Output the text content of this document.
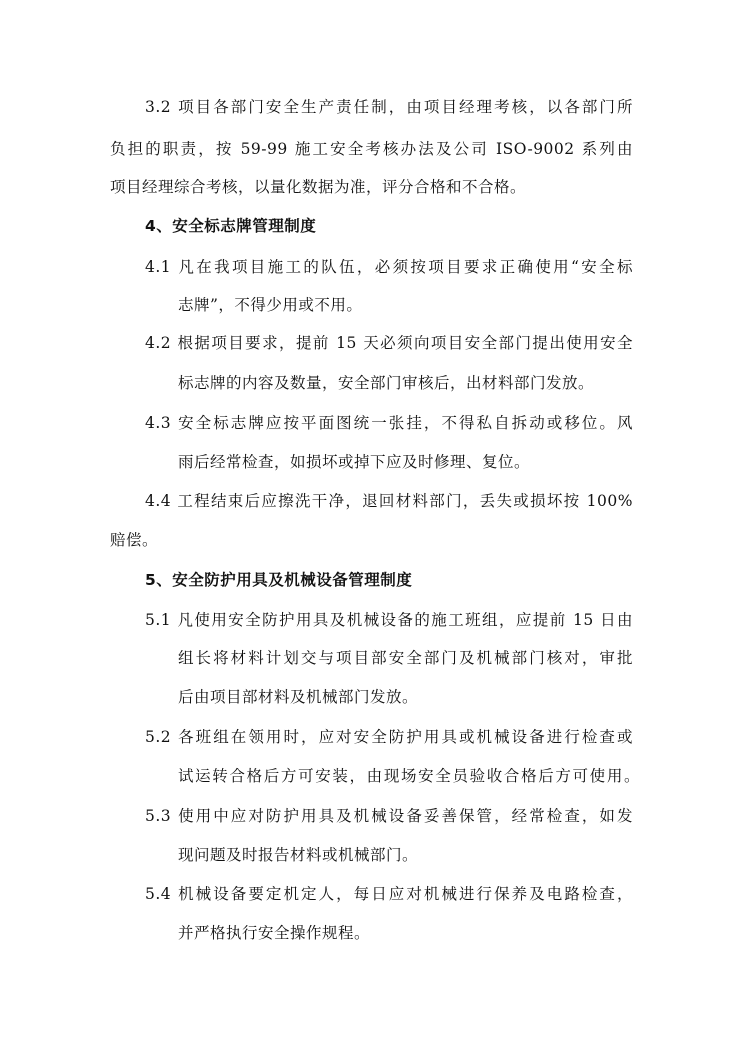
3.2 项目各部门安全生产责任制，由项目经理考核，以各部门所
负担的职责，按 59-99 施工安全考核办法及公司 ISO-9002 系列由
项目经理综合考核，以量化数据为准，评分合格和不合格。
4、安全标志牌管理制度
4.1 凡在我项目施工的队伍，必须按项目要求正确使用“安全标
志牌”，不得少用或不用。
4.2 根据项目要求，提前 15 天必须向项目安全部门提出使用安全
标志牌的内容及数量，安全部门审核后，出材料部门发放。
4.3 安全标志牌应按平面图统一张挂，不得私自拆动或移位。风
雨后经常检查，如损坏或掉下应及时修理、复位。
4.4 工程结束后应擦洗干净，退回材料部门，丢失或损坏按 100%
赔偿。
5、安全防护用具及机械设备管理制度
5.1 凡使用安全防护用具及机械设备的施工班组，应提前 15 日由
组长将材料计划交与项目部安全部门及机械部门核对，审批
后由项目部材料及机械部门发放。
5.2 各班组在领用时，应对安全防护用具或机械设备进行检查或
试运转合格后方可安装，由现场安全员验收合格后方可使用。
5.3 使用中应对防护用具及机械设备妥善保管，经常检查，如发
现问题及时报告材料或机械部门。
5.4 机械设备要定机定人，每日应对机械进行保养及电路检查，
并严格执行安全操作规程。
